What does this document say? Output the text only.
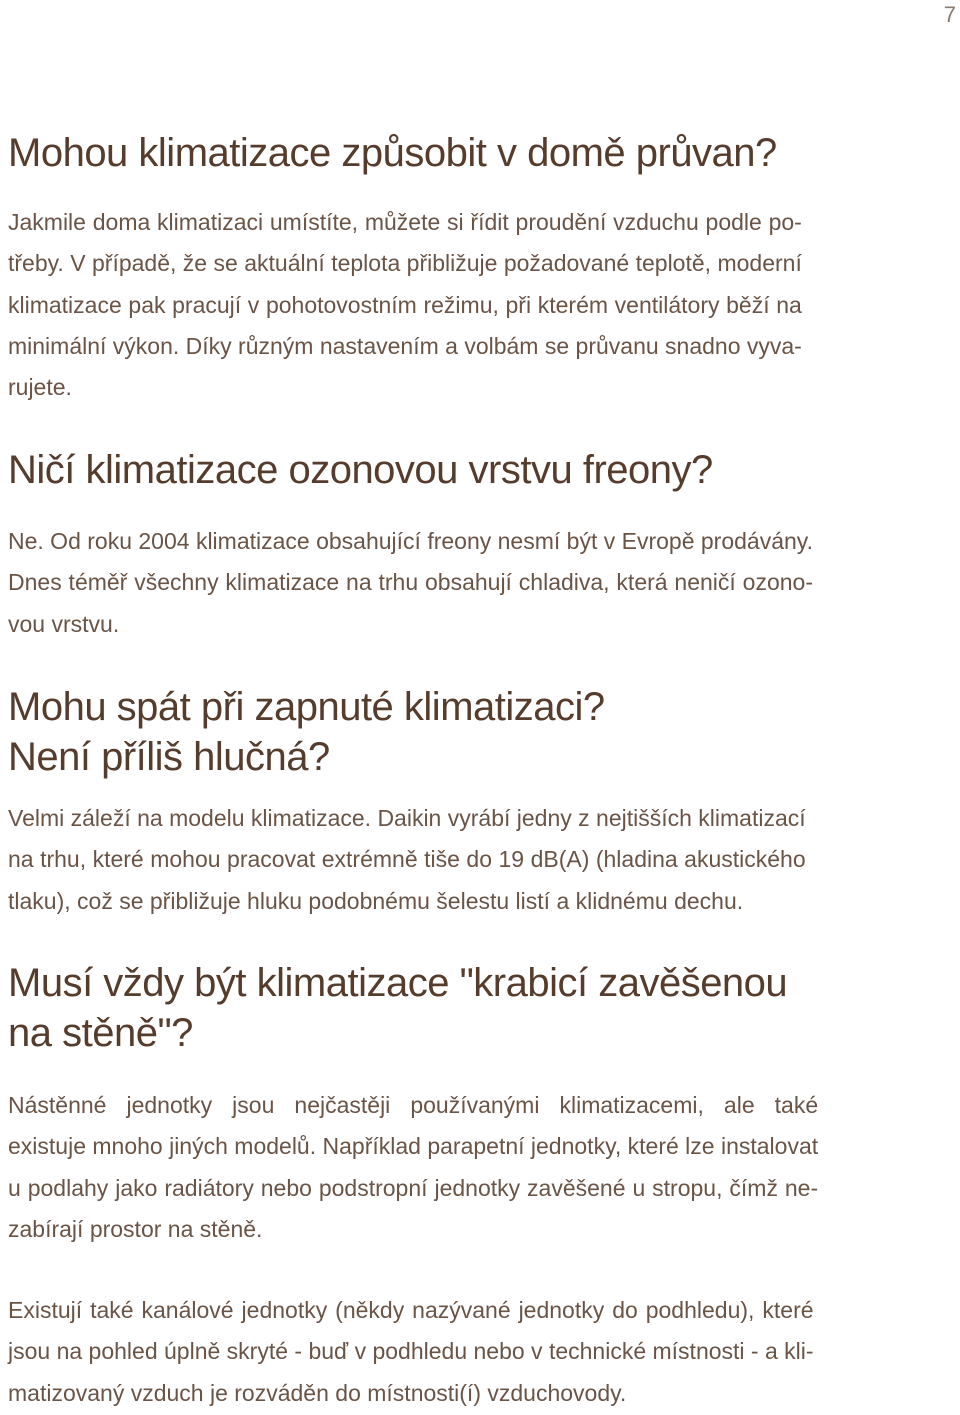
7
Mohou klimatizace způsobit v domě průvan?

Jakmile doma klimatizaci umístíte, můžete si řídit proudění vzduchu podle po-
třeby. V případě, že se aktuální teplota přibližuje požadované teplotě, moderní
klimatizace pak pracují v pohotovostním režimu, při kterém ventilátory běží na
minimální výkon. Díky různým nastavením a volbám se průvanu snadno vyva-
rujete.

Ničí klimatizace ozonovou vrstvu freony?

Ne. Od roku 2004 klimatizace obsahující freony nesmí být v Evropě prodávány.
Dnes téměř všechny klimatizace na trhu obsahují chladiva, která neničí ozono-
vou vrstvu.

Mohu spát při zapnuté klimatizaci?
Není příliš hlučná?

Velmi záleží na modelu klimatizace. Daikin vyrábí jedny z nejtišších klimatizací
na trhu, které mohou pracovat extrémně tiše do 19 dB(A) (hladina akustického
tlaku), což se přibližuje hluku podobnému šelestu listí a klidnému dechu.

Musí vždy být klimatizace "krabicí zavěšenou
na stěně"?

Nástěnné jednotky jsou nejčastěji používanými klimatizacemi, ale také
existuje mnoho jiných modelů. Například parapetní jednotky, které lze instalovat
u podlahy jako radiátory nebo podstropní jednotky zavěšené u stropu, čímž ne-
zabírají prostor na stěně.

Existují také kanálové jednotky (někdy nazývané jednotky do podhledu), které
jsou na pohled úplně skryté - buď v podhledu nebo v technické místnosti - a kli-
matizovaný vzduch je rozváděn do místnosti(í) vzduchovody.
